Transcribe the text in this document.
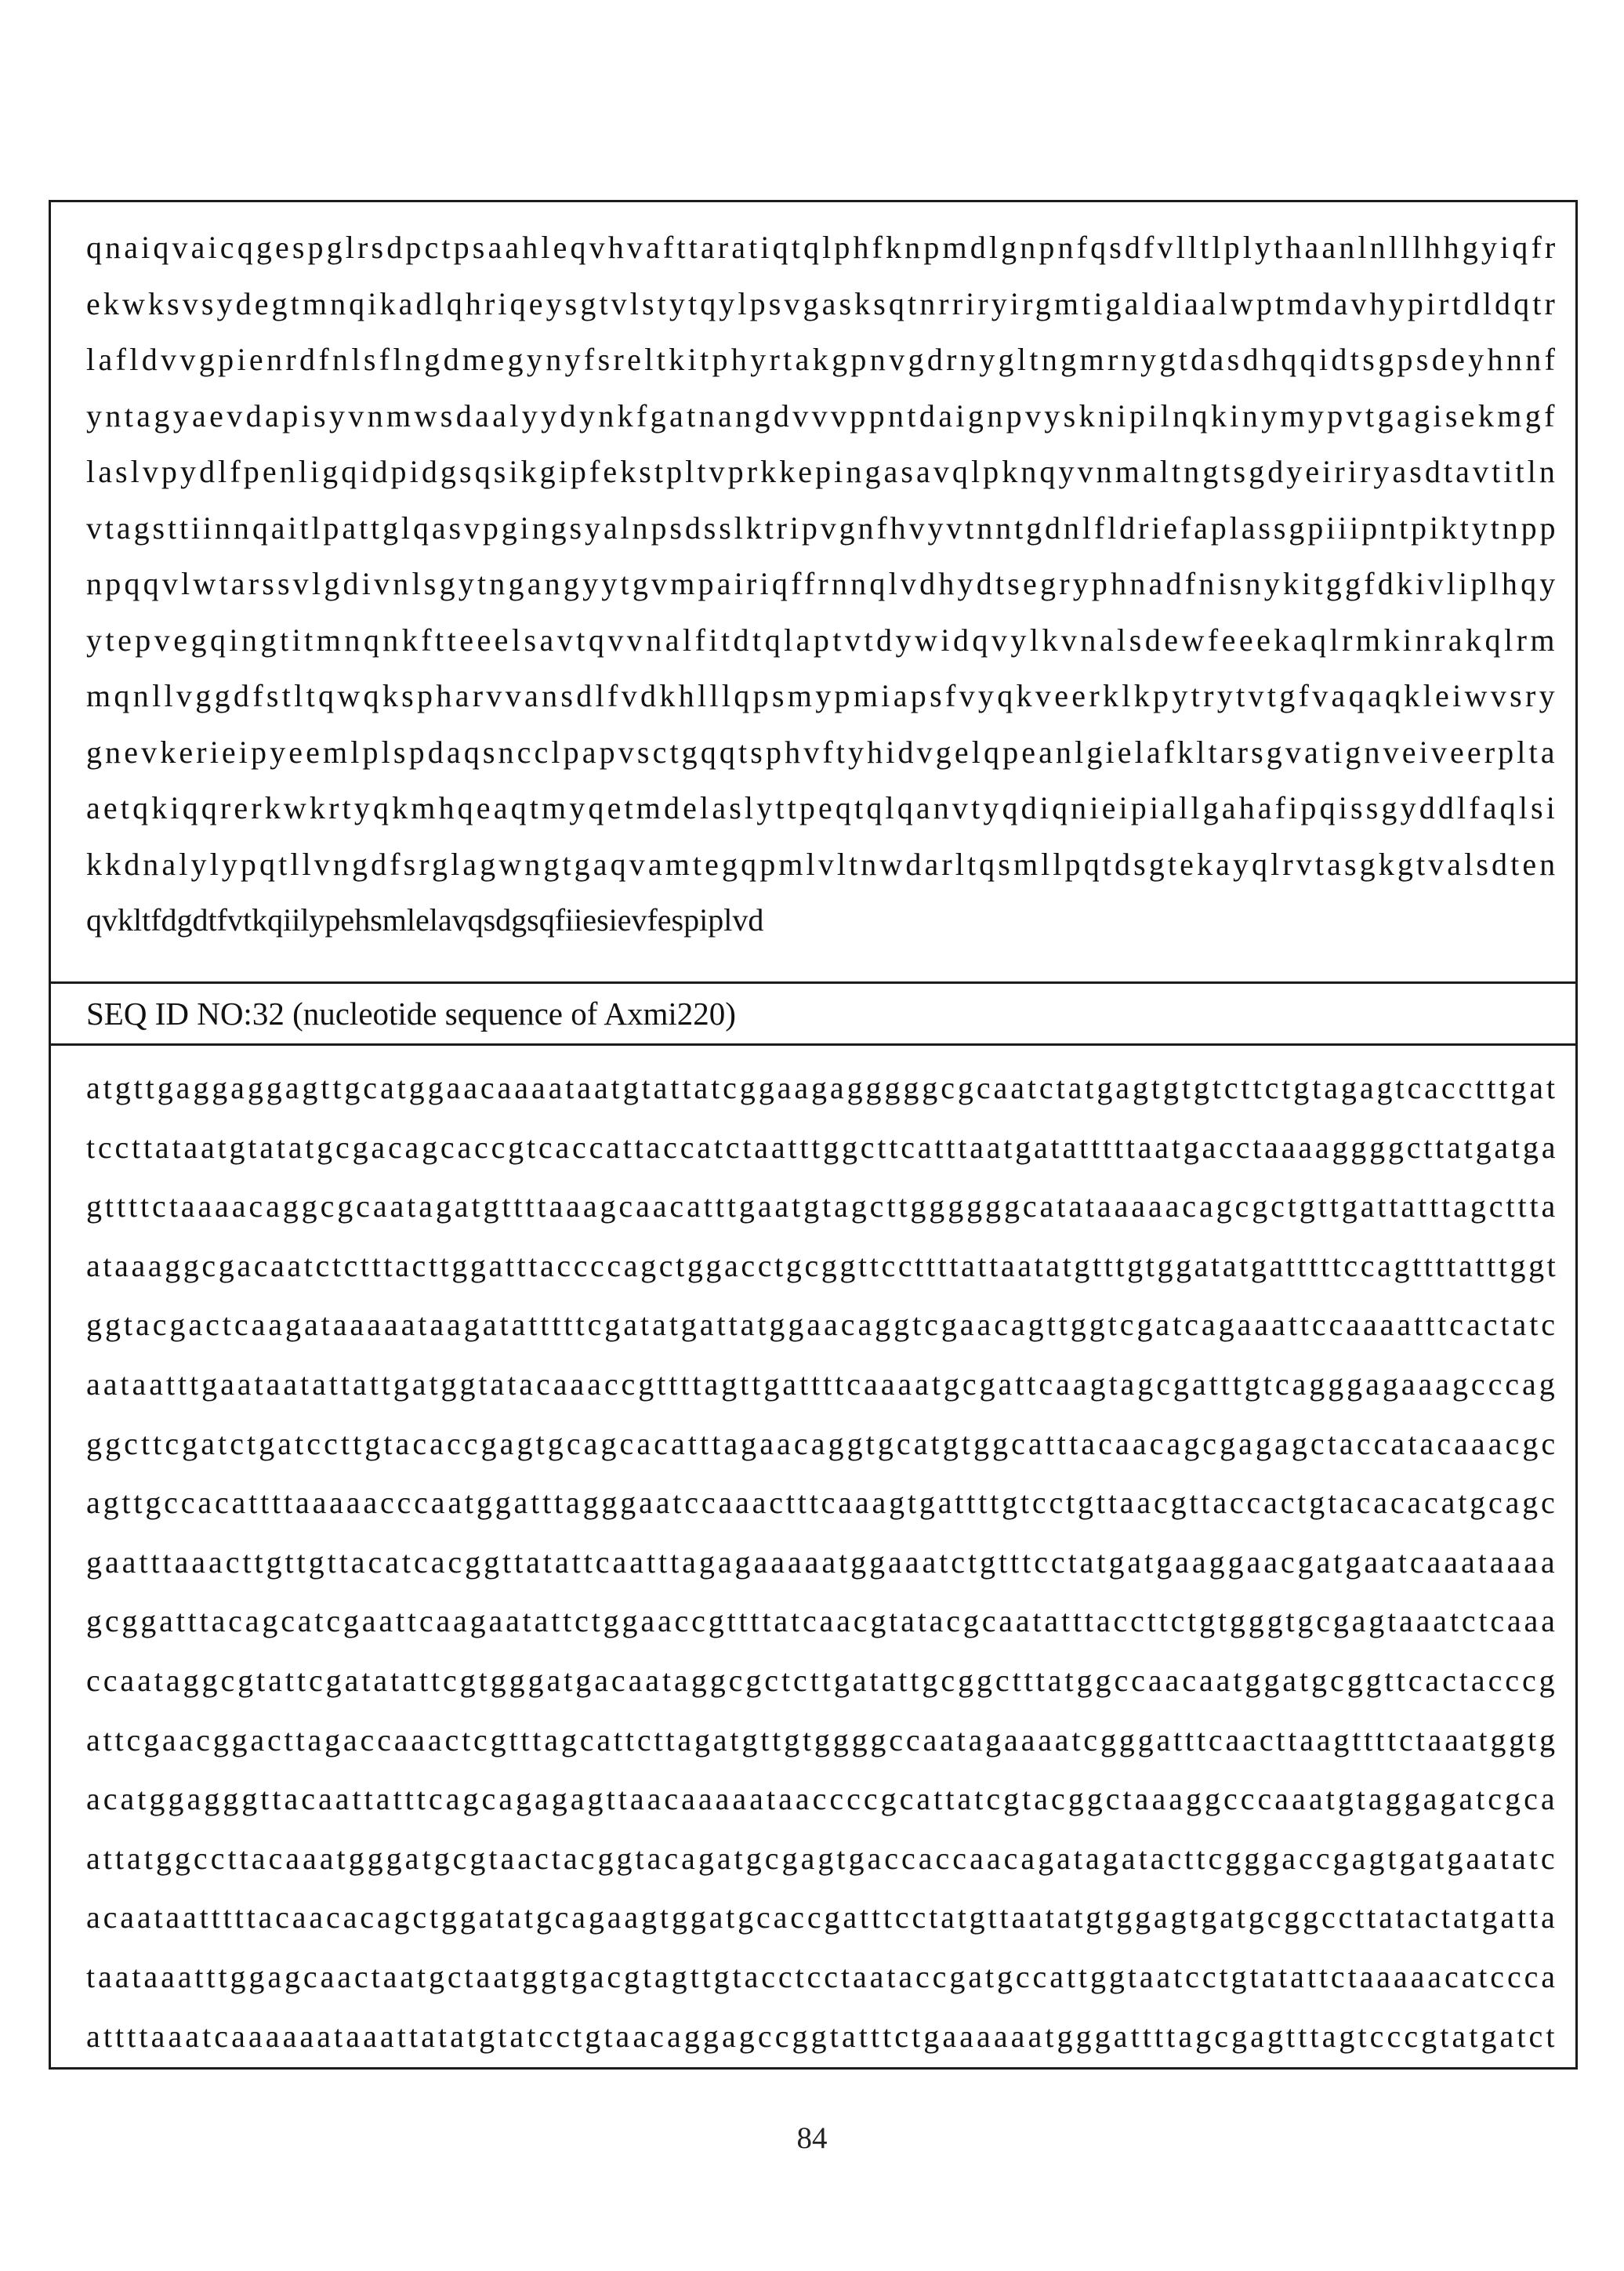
qnaiqvaicqgespglrsdpctpsaahleqvhvafttaratiqtqlphfknpmdlgnpnfqsdfvlltlplythaanlnlllhhgyiqfr
ekwksvsydegtmnqikadlqhriqeysgtvlstytqylpsvgasksqtnrriryirgmtigaldiaalwptmdavhypirtdldqtr
lafldvvgpienrdfnlsflngdmegynyfsreltkitphyrtakgpnvgdrnygltngmrnygtdasdhqqidtsgpsdeyhnnf
yntagyaevdapisyvnmwsdaalyydynkfgatnangdvvvppntdaignpvysknipilnqkinymypvtgagisekmgf
laslvpydlfpenligqidpidgsqsikgipfekstpltvprkkepingasavqlpknqyvnmaltngtsgdyeiriryasdtavtitln
vtagsttiinnqaitlpattglqasvpgingsyalnpsdsslktripvgnfhvyvtnntgdnlfldriefaplassgpiiipntpiktytnpp
npqqvlwtarssvlgdivnlsgytngangyytgvmpairiqffrnnqlvdhydtsegryphnadfnisnykitggfdkivliplhqy
ytepvegqingtitmnqnkftteeelsavtqvvnalfitdtqlaptvtdywidqvylkvnalsdewfeeekaqlrmkinrakqlrm
mqnllvggdfstltqwqkspharvvansdlfvdkhlllqpsmypmiapsfvyqkveerklkpytrytvtgfvaqaqkleiwvsry
gnevkerieipyeemlplspdaqsncclpapvsctgqqtsphvftyhidvgelqpeanlgielafkltarsgvatignveiveerplta
aetqkiqqrerkwkrtyqkmhqeaqtmyqetmdelaslyttpeqtqlqanvtyqdiqnieipiallgahafipqissgyddlfaqlsi
kkdnalylypqtllvngdfsrglagwngtgaqvamtegqpmlvltnwdarltqsmllpqtdsgtekayqlrvtasgkgtvalsdten
qvkltfdgdtfvtkqiilypehsmlelavqsdgsqfiiesievfespiplvd
SEQ ID NO:32 (nucleotide sequence of Axmi220)
atgttgaggaggagttgcatggaacaaaataatgtattatcggaagagggggcgcaatctatgagtgtgtcttctgtagagtcacctttgat
tccttataatgtatatgcgacagcaccgtcaccattaccatctaatttggcttcatttaatgatatttttaatgacctaaaaggggcttatgatga
gttttctaaaacaggcgcaatagatgttttaaagcaacatttgaatgtagcttggggggcatataaaaacagcgctgttgattatttagcttta
ataaaggcgacaatctctttacttggatttaccccagctggacctgcggttccttttattaatatgtttgtggatatgatttttccagttttatttggt
ggtacgactcaagataaaaataagatatttttcgatatgattatggaacaggtcgaacagttggtcgatcagaaattccaaaatttcactatc
aataatttgaataatattattgatggtatacaaaccgttttagttgattttcaaaatgcgattcaagtagcgatttgtcagggagaaagcccag
ggcttcgatctgatccttgtacaccgagtgcagcacatttagaacaggtgcatgtggcatttacaacagcgagagctaccatacaaacgc
agttgccacattttaaaaacccaatggatttagggaatccaaactttcaaagtgattttgtcctgttaacgttaccactgtacacacatgcagc
gaatttaaacttgttgttacatcacggttatattcaatttagagaaaaatggaaatctgtttcctatgatgaaggaacgatgaatcaaataaaa
gcggatttacagcatcgaattcaagaatattctggaaccgttttatcaacgtatacgcaatatttaccttctgtgggtgcgagtaaatctcaaa
ccaataggcgtattcgatatattcgtgggatgacaataggcgctcttgatattgcggctttatggccaacaatggatgcggttcactacccg
attcgaacggacttagaccaaactcgtttagcattcttagatgttgtggggccaatagaaaatcgggatttcaacttaagttttctaaatggtg
acatggagggttacaattatttcagcagagagttaacaaaaataaccccgcattatcgtacggctaaaggcccaaatgtaggagatcgca
attatggccttacaaatgggatgcgtaactacggtacagatgcgagtgaccaccaacagatagatacttcgggaccgagtgatgaatatc
acaataatttttacaacacagctggatatgcagaagtggatgcaccgatttcctatgttaatatgtggagtgatgcggccttatactatgatta
taataaatttggagcaactaatgctaatggtgacgtagttgtacctcctaataccgatgccattggtaatcctgtatattctaaaaacatccca
attttaaatcaaaaaataaattatatgtatcctgtaacaggagccggtatttctgaaaaaatgggattttagcgagtttagtcccgtatgatct
84
